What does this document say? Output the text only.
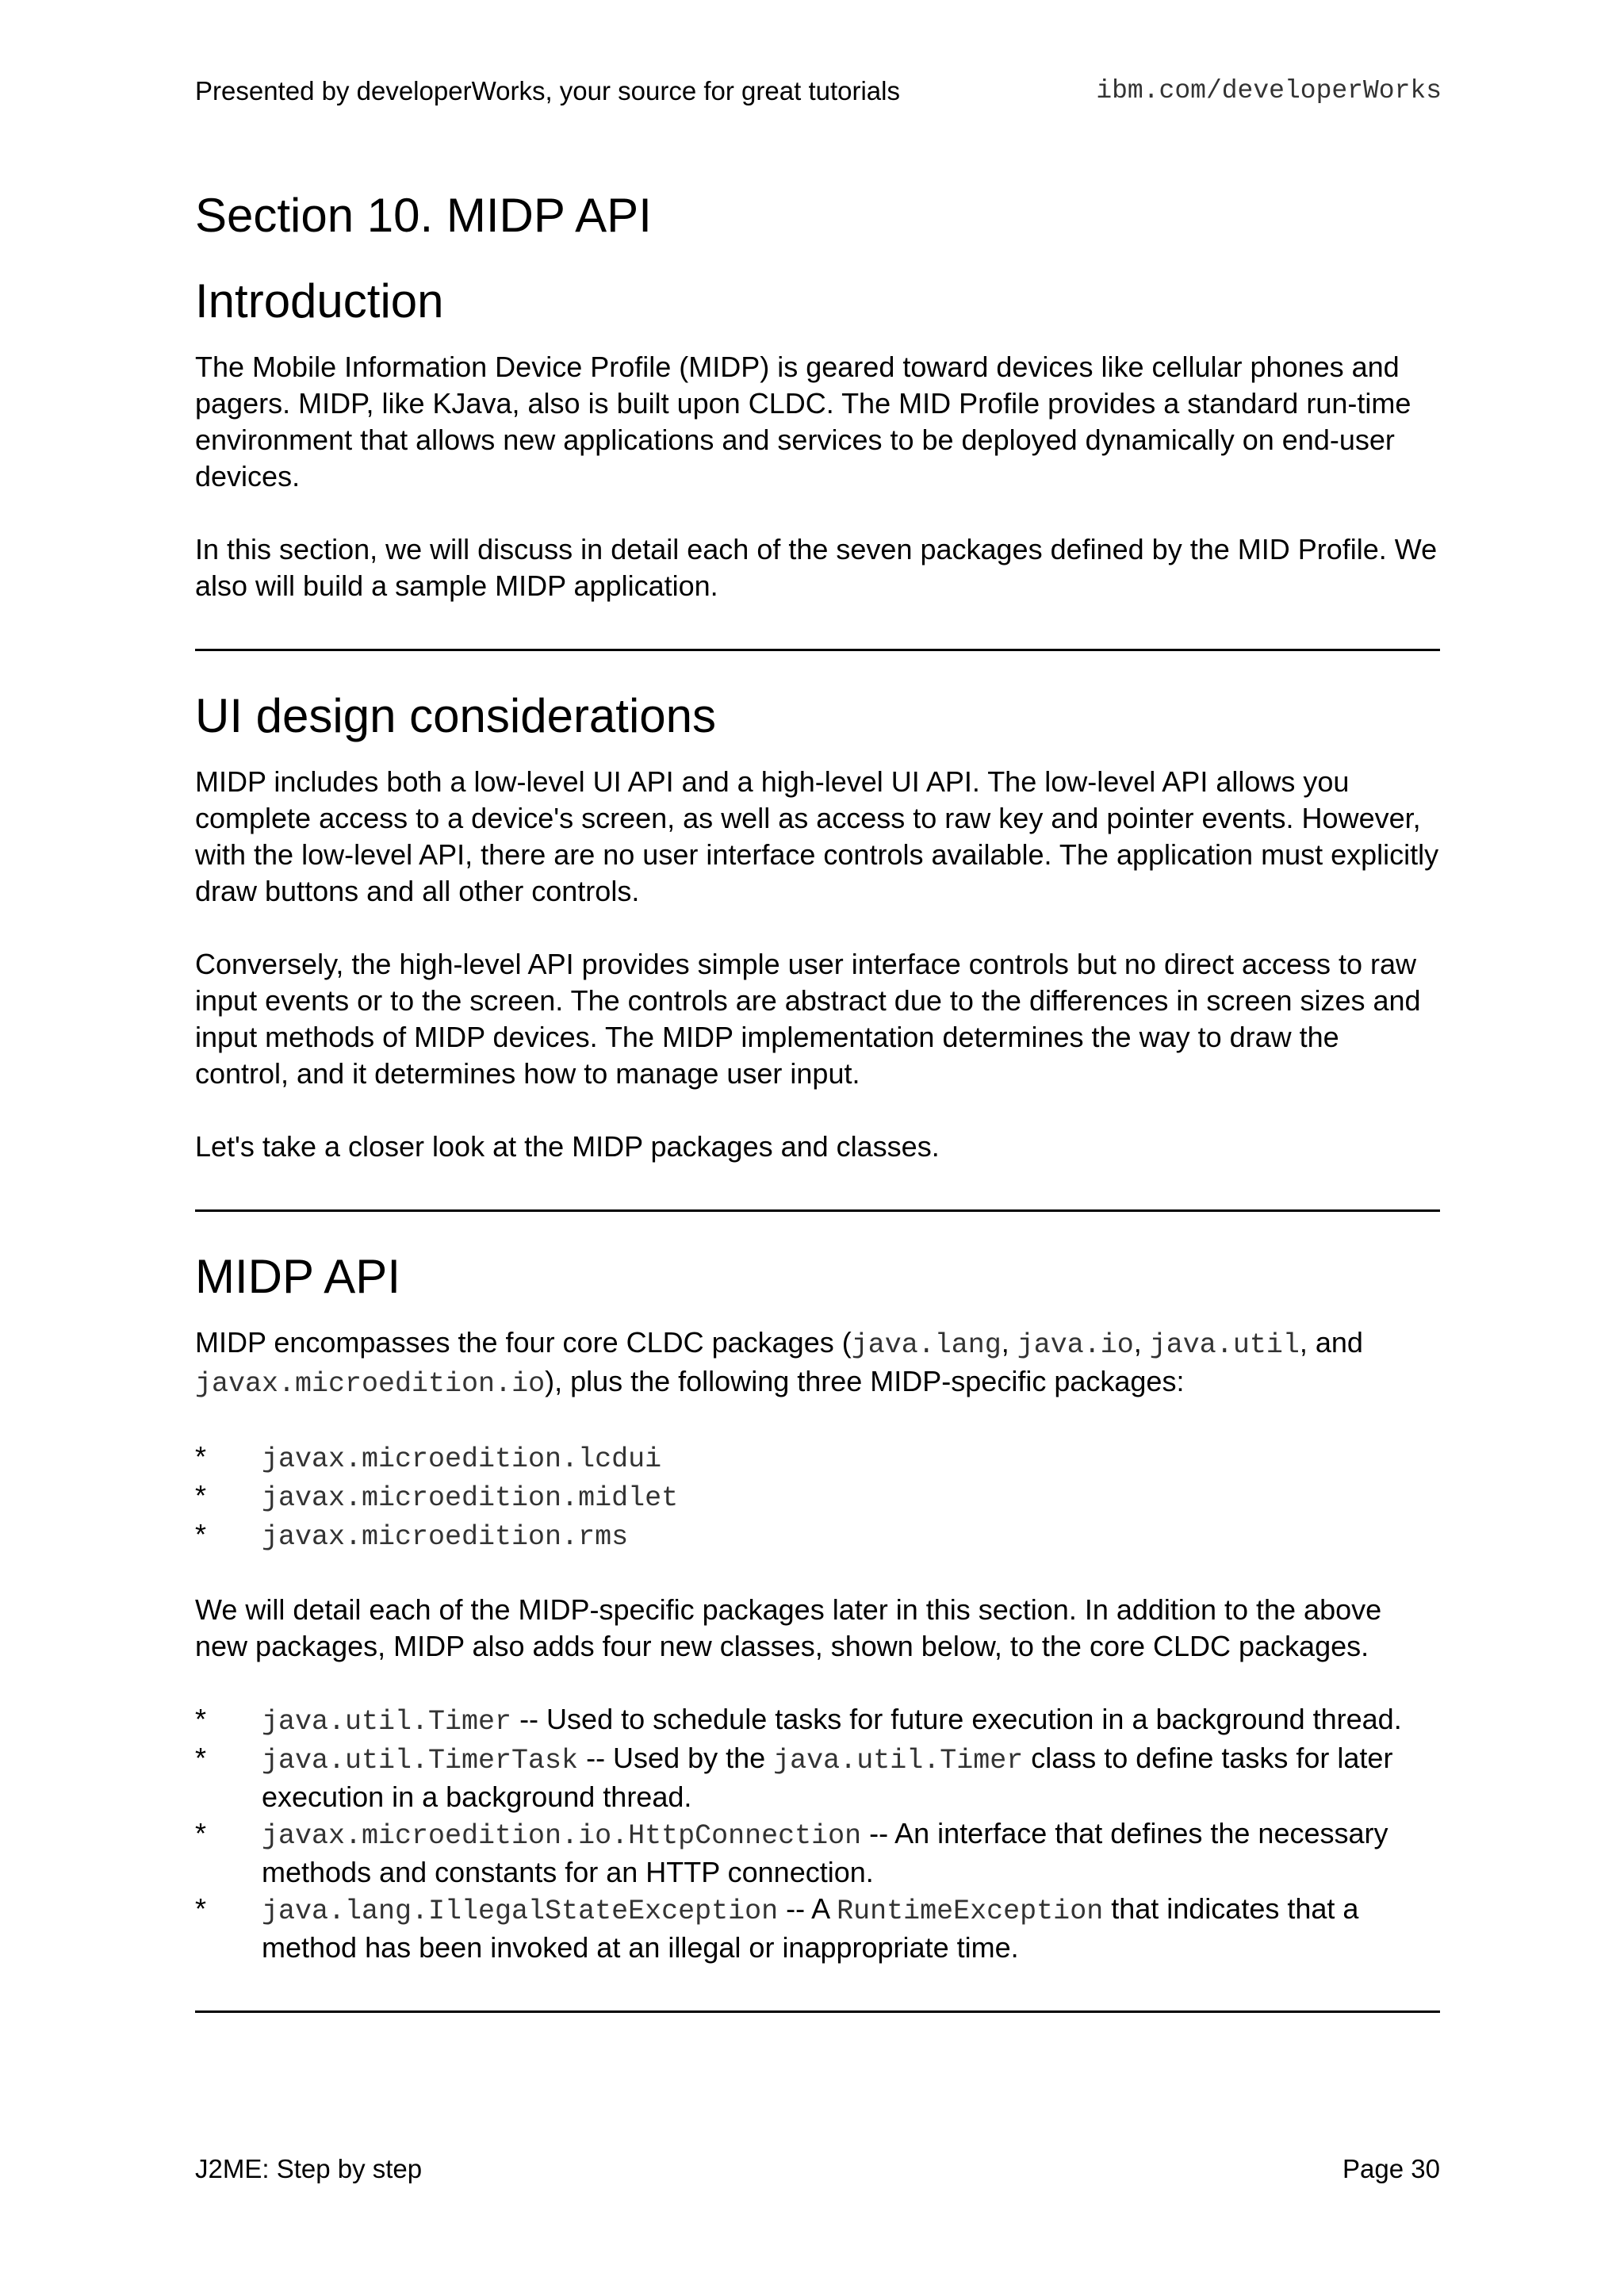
Presented by developerWorks, your source for great tutorials	ibm.com/developerWorks
Section 10. MIDP API
Introduction

The Mobile Information Device Profile (MIDP) is geared toward devices like cellular phones and pagers. MIDP, like KJava, also is built upon CLDC. The MID Profile provides a standard run-time environment that allows new applications and services to be deployed dynamically on end-user devices.

In this section, we will discuss in detail each of the seven packages defined by the MID Profile. We also will build a sample MIDP application.

UI design considerations

MIDP includes both a low-level UI API and a high-level UI API. The low-level API allows you complete access to a device's screen, as well as access to raw key and pointer events. However, with the low-level API, there are no user interface controls available. The application must explicitly draw buttons and all other controls.

Conversely, the high-level API provides simple user interface controls but no direct access to raw input events or to the screen. The controls are abstract due to the differences in screen sizes and input methods of MIDP devices. The MIDP implementation determines the way to draw the control, and it determines how to manage user input.

Let's take a closer look at the MIDP packages and classes.

MIDP API

MIDP encompasses the four core CLDC packages (java.lang, java.io, java.util, and javax.microedition.io), plus the following three MIDP-specific packages:

* javax.microedition.lcdui
* javax.microedition.midlet
* javax.microedition.rms

We will detail each of the MIDP-specific packages later in this section. In addition to the above new packages, MIDP also adds four new classes, shown below, to the core CLDC packages.

* java.util.Timer -- Used to schedule tasks for future execution in a background thread.
* java.util.TimerTask -- Used by the java.util.Timer class to define tasks for later execution in a background thread.
* javax.microedition.io.HttpConnection -- An interface that defines the necessary methods and constants for an HTTP connection.
* java.lang.IllegalStateException -- A RuntimeException that indicates that a method has been invoked at an illegal or inappropriate time.
J2ME: Step by step	Page 30
